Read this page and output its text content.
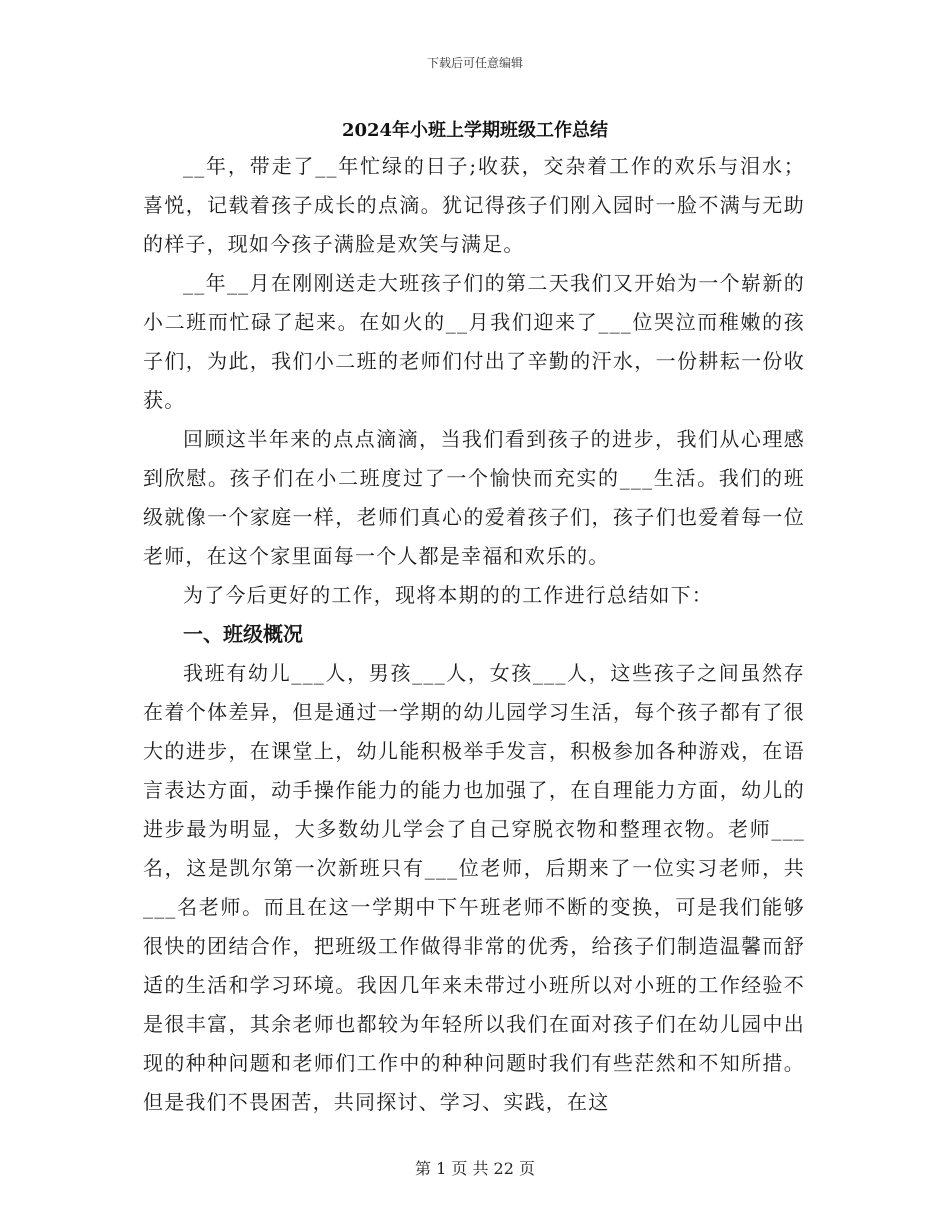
下载后可任意编辑
2024年小班上学期班级工作总结

__年，带走了__年忙绿的日子;收获，交杂着工作的欢乐与泪水；喜悦，记载着孩子成长的点滴。犹记得孩子们刚入园时一脸不满与无助的样子，现如今孩子满脸是欢笑与满足。

__年__月在刚刚送走大班孩子们的第二天我们又开始为一个崭新的小二班而忙碌了起来。在如火的__月我们迎来了___位哭泣而稚嫩的孩子们，为此，我们小二班的老师们付出了辛勤的汗水，一份耕耘一份收获。

回顾这半年来的点点滴滴，当我们看到孩子的进步，我们从心理感到欣慰。孩子们在小二班度过了一个愉快而充实的___生活。我们的班级就像一个家庭一样，老师们真心的爱着孩子们，孩子们也爱着每一位老师，在这个家里面每一个人都是幸福和欢乐的。

为了今后更好的工作，现将本期的的工作进行总结如下：

一、班级概况

我班有幼儿___人，男孩___人，女孩___人，这些孩子之间虽然存在着个体差异，但是通过一学期的幼儿园学习生活，每个孩子都有了很大的进步，在课堂上，幼儿能积极举手发言，积极参加各种游戏，在语言表达方面，动手操作能力的能力也加强了，在自理能力方面，幼儿的进步最为明显，大多数幼儿学会了自己穿脱衣物和整理衣物。老师___名，这是凯尔第一次新班只有___位老师，后期来了一位实习老师，共___名老师。而且在这一学期中下午班老师不断的变换，可是我们能够很快的团结合作，把班级工作做得非常的优秀，给孩子们制造温馨而舒适的生活和学习环境。我因几年来未带过小班所以对小班的工作经验不是很丰富，其余老师也都较为年轻所以我们在面对孩子们在幼儿园中出现的种种问题和老师们工作中的种种问题时我们有些茫然和不知所措。但是我们不畏困苦，共同探讨、学习、实践，在这

第 1 页 共 22 页
